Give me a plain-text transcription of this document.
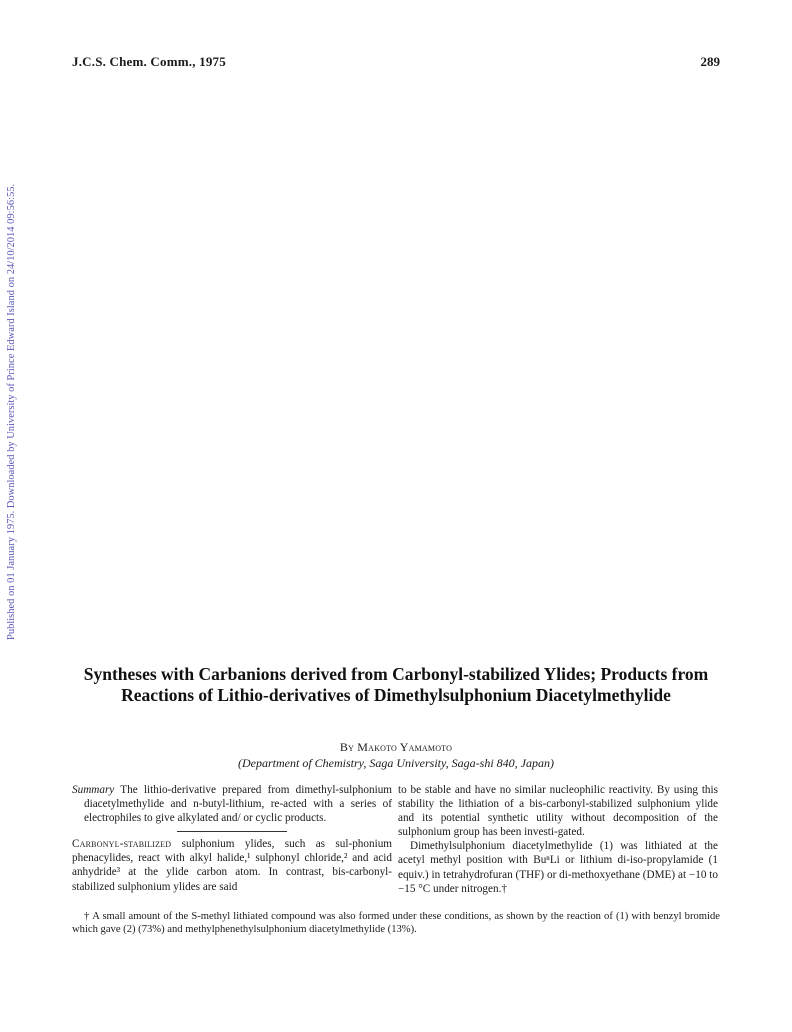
J.C.S. Chem. Comm., 1975	289
Published on 01 January 1975. Downloaded by University of Prince Edward Island on 24/10/2014 09:56:55.
Syntheses with Carbanions derived from Carbonyl-stabilized Ylides; Products from Reactions of Lithio-derivatives of Dimethylsulphonium Diacetylmethylide
By Makoto Yamamoto
(Department of Chemistry, Saga University, Saga-shi 840, Japan)

Summary The lithio-derivative prepared from dimethyl-sulphonium diacetylmethylide and n-butyl-lithium, re-acted with a series of electrophiles to give alkylated and/ or cyclic products.

Carbonyl-stabilized sulphonium ylides, such as sul-phonium phenacylides, react with alkyl halide,¹ sulphonyl chloride,² and acid anhydride³ at the ylide carbon atom. In contrast, bis-carbonyl-stabilized sulphonium ylides are said

to be stable and have no similar nucleophilic reactivity. By using this stability the lithiation of a bis-carbonyl-stabilized sulphonium ylide and its potential synthetic utility without decomposition of the sulphonium group has been investi-gated.

Dimethylsulphonium diacetylmethylide (1) was lithiated at the acetyl methyl position with BuⁿLi or lithium di-iso-propylamide (1 equiv.) in tetrahydrofuran (THF) or di-methoxyethane (DME) at −10 to −15 °C under nitrogen.†

† A small amount of the S-methyl lithiated compound was also formed under these conditions, as shown by the reaction of (1) with benzyl bromide which gave (2) (73%) and methylphenethylsulphonium diacetylmethylide (13%).
